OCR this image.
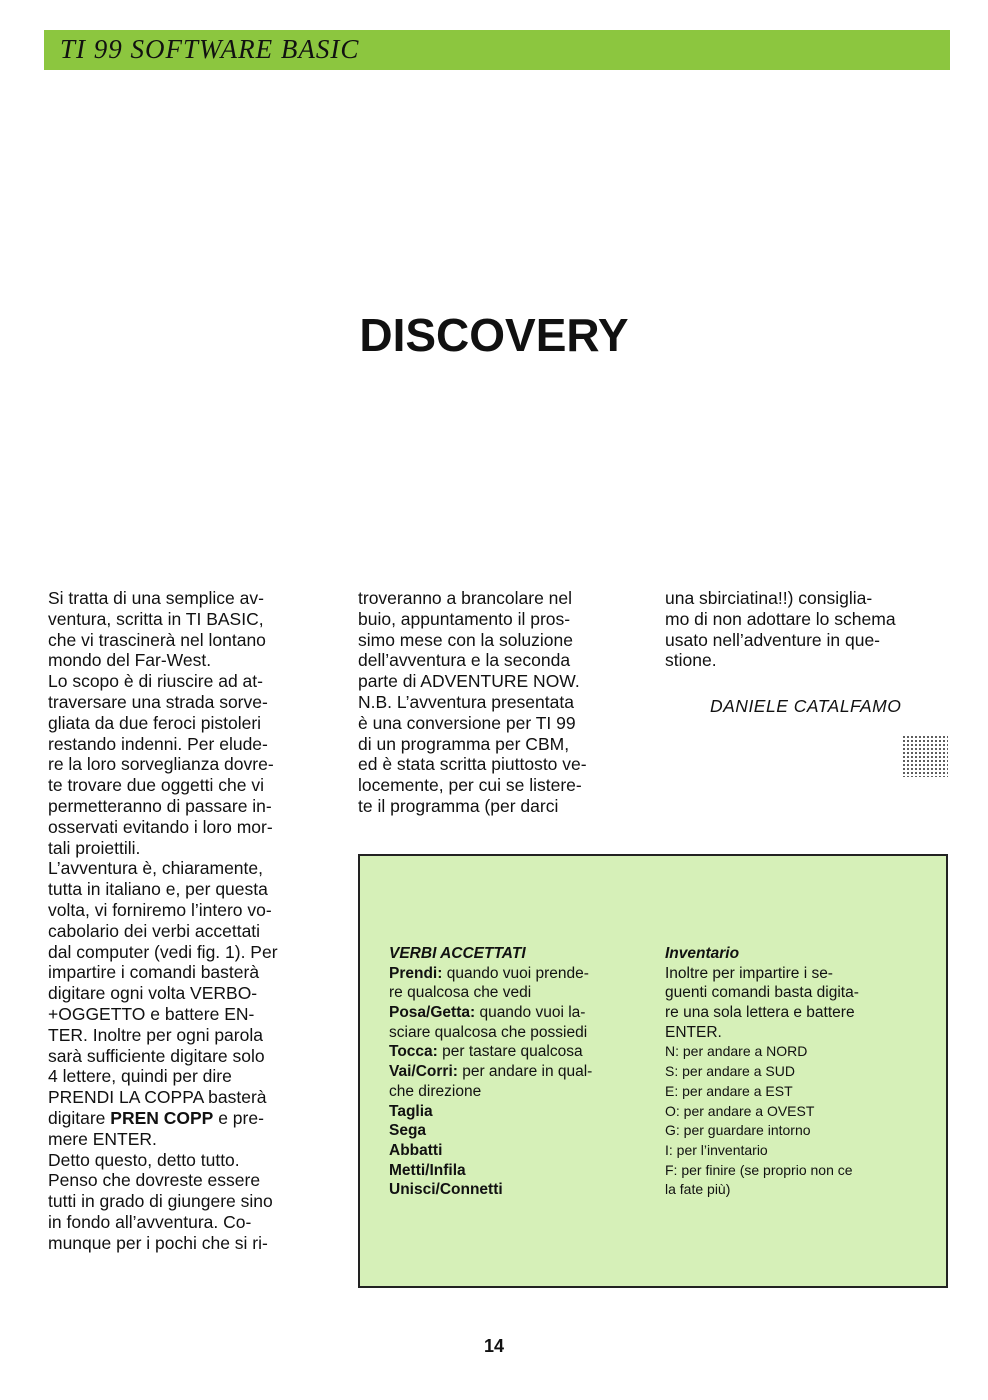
TI 99 SOFTWARE BASIC
DISCOVERY
Si tratta di una semplice av-
ventura, scritta in TI BASIC,
che vi trascinerà nel lontano
mondo del Far-West.
Lo scopo è di riuscire ad at-
traversare una strada sorve-
gliata da due feroci pistoleri
restando indenni. Per elude-
re la loro sorveglianza dovre-
te trovare due oggetti che vi
permetteranno di passare in-
osservati evitando i loro mor-
tali proiettili.
L’avventura è, chiaramente,
tutta in italiano e, per questa
volta, vi forniremo l’intero vo-
cabolario dei verbi accettati
dal computer (vedi fig. 1). Per
impartire i comandi basterà
digitare ogni volta VERBO-
+OGGETTO e battere EN-
TER. Inoltre per ogni parola
sarà sufficiente digitare solo
4 lettere, quindi per dire
PRENDI LA COPPA basterà
digitare PREN COPP e pre-
mere ENTER.
Detto questo, detto tutto.
Penso che dovreste essere
tutti in grado di giungere sino
in fondo all’avventura. Co-
munque per i pochi che si ri-
troveranno a brancolare nel
buio, appuntamento il pros-
simo mese con la soluzione
dell’avventura e la seconda
parte di ADVENTURE NOW.
N.B. L’avventura presentata
è una conversione per TI 99
di un programma per CBM,
ed è stata scritta piuttosto ve-
locemente, per cui se listere-
te il programma (per darci
una sbirciatina!!) consiglia-
mo di non adottare lo schema
usato nell’adventure in que-
stione.
DANIELE CATALFAMO
VERBI ACCETTATI
Prendi: quando vuoi prende-
re qualcosa che vedi
Posa/Getta: quando vuoi la-
sciare qualcosa che possiedi
Tocca: per tastare qualcosa
Vai/Corri: per andare in qual-
che direzione
Taglia
Sega
Abbatti
Metti/Infila
Unisci/Connetti
Inventario
Inoltre per impartire i se-
guenti comandi basta digita-
re una sola lettera e battere
ENTER.
N: per andare a NORD
S: per andare a SUD
E: per andare a EST
O: per andare a OVEST
G: per guardare intorno
I: per l’inventario
F: per finire (se proprio non ce
la fate più)
14
